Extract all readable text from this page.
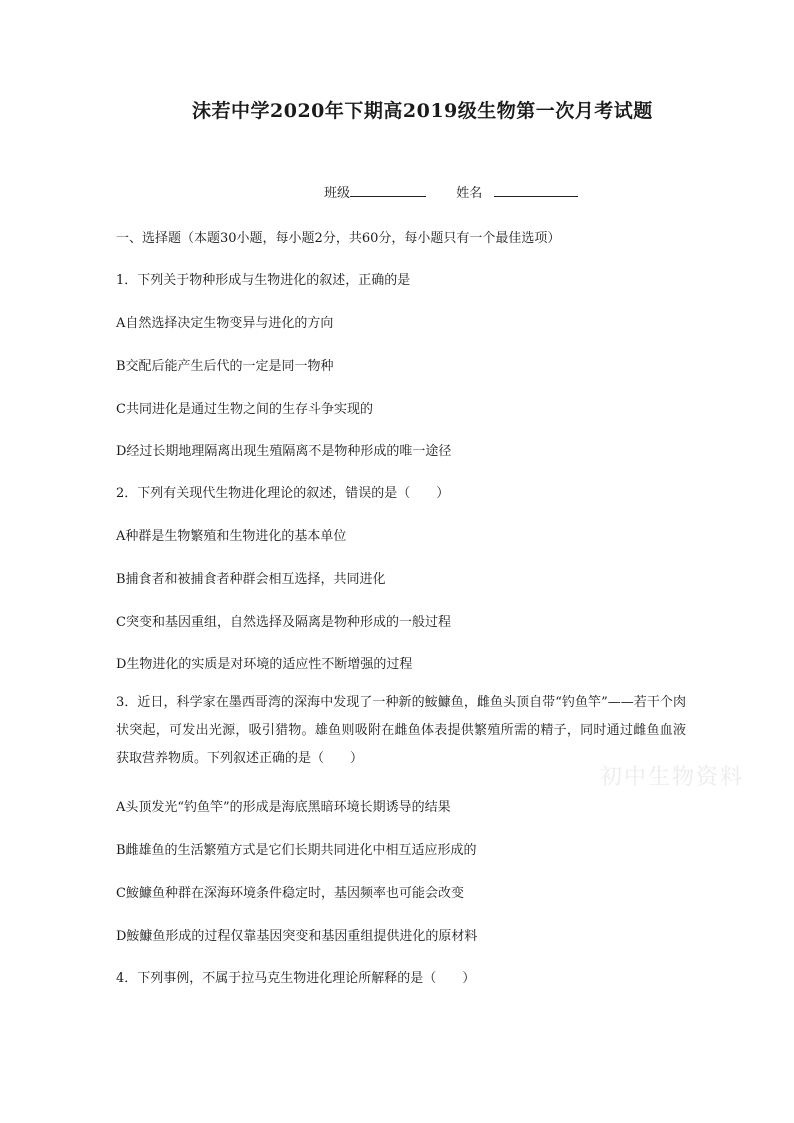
沫若中学2020年下期高2019级生物第一次月考试题
班级	姓名
一、选择题（本题30小题，每小题2分，共60分，每小题只有一个最佳选项）
1．下列关于物种形成与生物进化的叙述，正确的是
A自然选择决定生物变异与进化的方向
B交配后能产生后代的一定是同一物种
C共同进化是通过生物之间的生存斗争实现的
D经过长期地理隔离出现生殖隔离不是物种形成的唯一途径
2．下列有关现代生物进化理论的叙述，错误的是（　　）
A种群是生物繁殖和生物进化的基本单位
B捕食者和被捕食者种群会相互选择，共同进化
C突变和基因重组，自然选择及隔离是物种形成的一般过程
D生物进化的实质是对环境的适应性不断增强的过程
3．近日，科学家在墨西哥湾的深海中发现了一种新的鮟鱇鱼，雌鱼头顶自带“钓鱼竿”——若干个肉状突起，可发出光源，吸引猎物。雄鱼则吸附在雌鱼体表提供繁殖所需的精子，同时通过雌鱼血液获取营养物质。下列叙述正确的是（　　）
A头顶发光“钓鱼竿”的形成是海底黑暗环境长期诱导的结果
B雌雄鱼的生活繁殖方式是它们长期共同进化中相互适应形成的
C鮟鱇鱼种群在深海环境条件稳定时，基因频率也可能会改变
D鮟鱇鱼形成的过程仅靠基因突变和基因重组提供进化的原材料
4．下列事例，不属于拉马克生物进化理论所解释的是（　　）
初中生物资料
